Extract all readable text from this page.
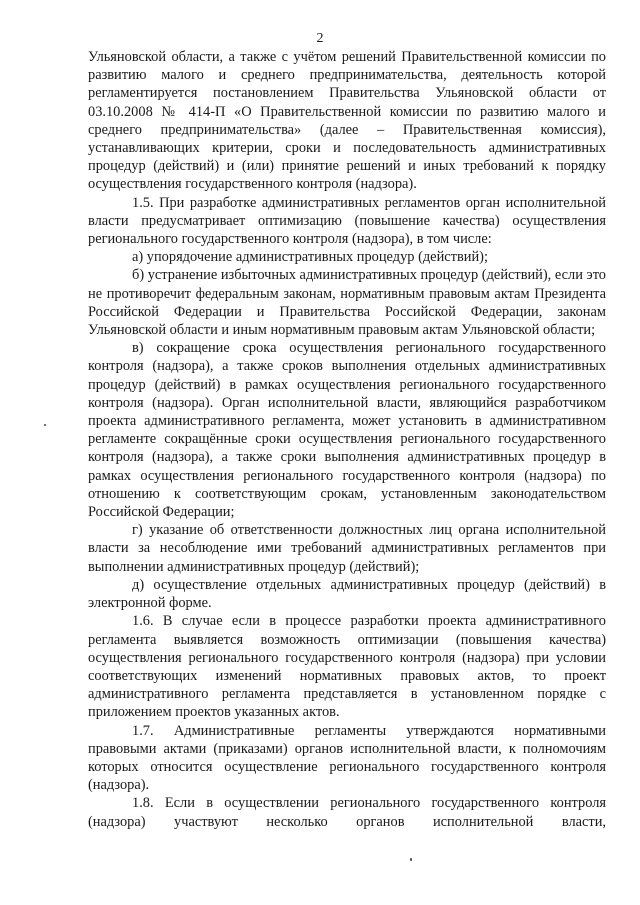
2

Ульяновской области, а также с учётом решений Правительственной комиссии по развитию малого и среднего предпринимательства, деятельность которой регламентируется постановлением Правительства Ульяновской области от 03.10.2008 № 414-П «О Правительственной комиссии по развитию малого и среднего предпринимательства» (далее – Правительственная комиссия), устанавливающих критерии, сроки и последовательность административных процедур (действий) и (или) принятие решений и иных требований к порядку осуществления государственного контроля (надзора).

1.5. При разработке административных регламентов орган исполнительной власти предусматривает оптимизацию (повышение качества) осуществления регионального государственного контроля (надзора), в том числе:

а) упорядочение административных процедур (действий);

б) устранение избыточных административных процедур (действий), если это не противоречит федеральным законам, нормативным правовым актам Президента Российской Федерации и Правительства Российской Федерации, законам Ульяновской области и иным нормативным правовым актам Ульяновской области;

в) сокращение срока осуществления регионального государственного контроля (надзора), а также сроков выполнения отдельных административных процедур (действий) в рамках осуществления регионального государственного контроля (надзора). Орган исполнительной власти, являющийся разработчиком проекта административного регламента, может установить в административном регламенте сокращённые сроки осуществления регионального государственного контроля (надзора), а также сроки выполнения административных процедур в рамках осуществления регионального государственного контроля (надзора) по отношению к соответствующим срокам, установленным законодательством Российской Федерации;

г) указание об ответственности должностных лиц органа исполнительной власти за несоблюдение ими требований административных регламентов при выполнении административных процедур (действий);

д) осуществление отдельных административных процедур (действий) в электронной форме.

1.6. В случае если в процессе разработки проекта административного регламента выявляется возможность оптимизации (повышения качества) осуществления регионального государственного контроля (надзора) при условии соответствующих изменений нормативных правовых актов, то проект административного регламента представляется в установленном порядке с приложением проектов указанных актов.

1.7. Административные регламенты утверждаются нормативными правовыми актами (приказами) органов исполнительной власти, к полномочиям которых относится осуществление регионального государственного контроля (надзора).

1.8. Если в осуществлении регионального государственного контроля (надзора) участвуют несколько органов исполнительной власти,
